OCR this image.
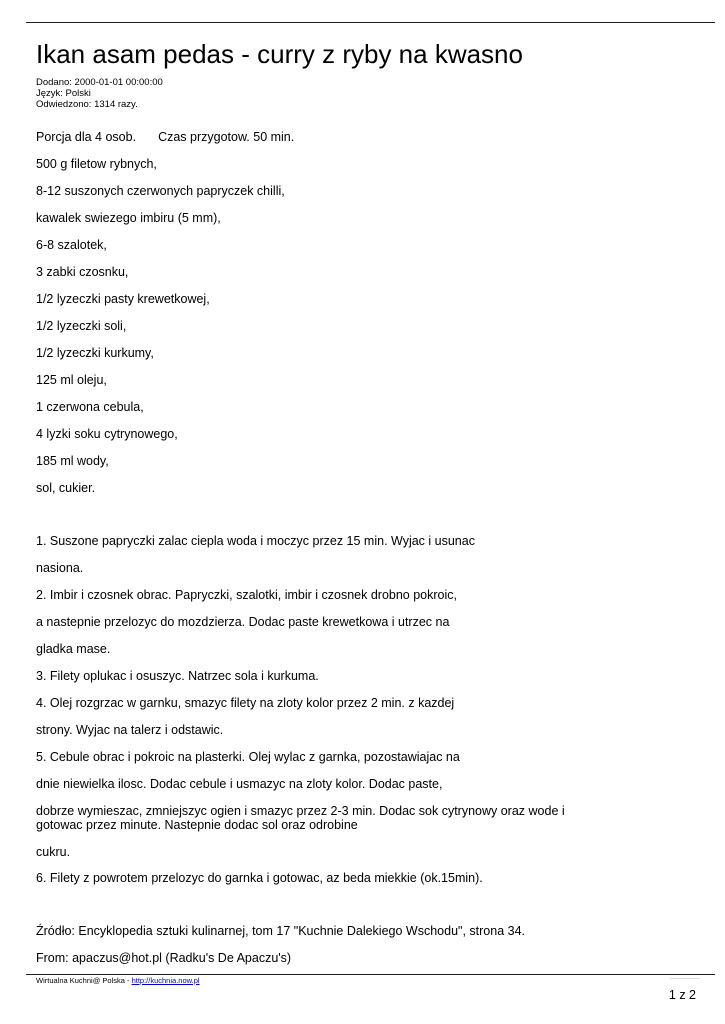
Ikan asam pedas - curry z ryby na kwasno
Dodano: 2000-01-01 00:00:00
Język: Polski
Odwiedzono: 1314 razy.
Porcja dla 4 osob. Czas przygotow. 50 min.
500 g filetow rybnych,
8-12 suszonych czerwonych papryczek chilli,
kawalek swiezego imbiru (5 mm),
6-8 szalotek,
3 zabki czosnku,
1/2 lyzeczki pasty krewetkowej,
1/2 lyzeczki soli,
1/2 lyzeczki kurkumy,
125 ml oleju,
1 czerwona cebula,
4 lyzki soku cytrynowego,
185 ml wody,
sol, cukier.
1. Suszone papryczki zalac ciepla woda i moczyc przez 15 min. Wyjac i usunac
nasiona.
2. Imbir i czosnek obrac. Papryczki, szalotki, imbir i czosnek drobno pokroic,
a nastepnie przelozyc do mozdzierza. Dodac paste krewetkowa i utrzec na
gladka mase.
3. Filety oplukac i osuszyc. Natrzec sola i kurkuma.
4. Olej rozgrzac w garnku, smazyc filety na zloty kolor przez 2 min. z kazdej
strony. Wyjac na talerz i odstawic.
5. Cebule obrac i pokroic na plasterki. Olej wylac z garnka, pozostawiajac na
dnie niewielka ilosc. Dodac cebule i usmazyc na zloty kolor. Dodac paste,
dobrze wymieszac, zmniejszyc ogien i smazyc przez 2-3 min. Dodac sok cytrynowy oraz wode i
gotowac przez minute. Nastepnie dodac sol oraz odrobine
cukru.
6. Filety z powrotem przelozyc do garnka i gotowac, az beda miekkie (ok.15min).
Źródło: Encyklopedia sztuki kulinarnej, tom 17 "Kuchnie Dalekiego Wschodu", strona 34.
From: apaczus@hot.pl (Radku's De Apaczu's)
Wirtualna Kuchni@ Polska - http://kuchnia.now.pl
1 z 2
